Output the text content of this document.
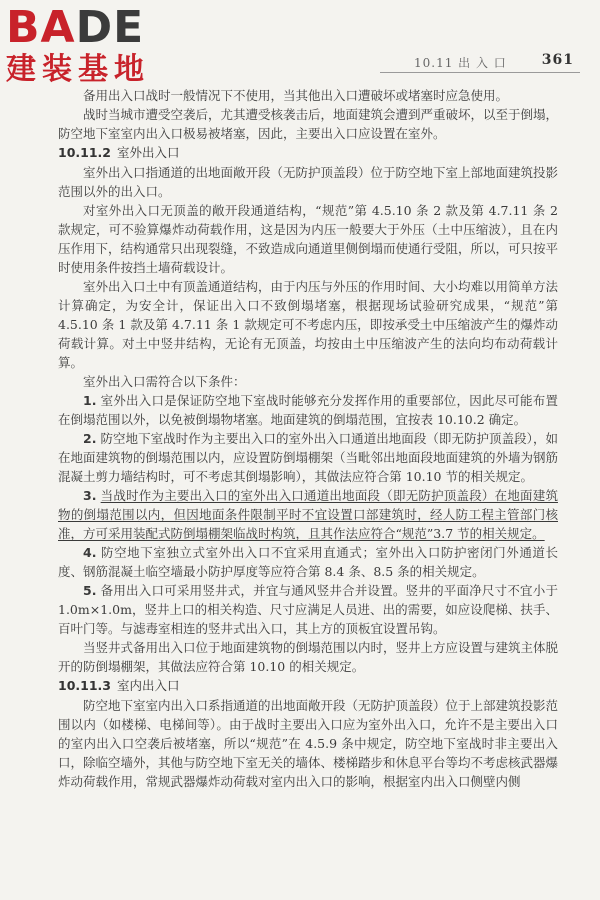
BADE
建装基地	10.11 出 入 口 361

备用出入口战时一般情况下不使用，当其他出入口遭破坏或堵塞时应急使用。

战时当城市遭受空袭后，尤其遭受核袭击后，地面建筑会遭到严重破坏，以至于倒塌，防空地下室室内出入口极易被堵塞，因此，主要出入口应设置在室外。

10.11.2 室外出入口

室外出入口指通道的出地面敞开段（无防护顶盖段）位于防空地下室上部地面建筑投影范围以外的出入口。

对室外出入口无顶盖的敞开段通道结构，“规范”第 4.5.10 条 2 款及第 4.7.11 条 2 款规定，可不验算爆炸动荷载作用，这是因为内压一般要大于外压（土中压缩波），且在内压作用下，结构通常只出现裂缝，不致造成向通道里侧倒塌而使通行受阻，所以，可只按平时使用条件按挡土墙荷载设计。

室外出入口土中有顶盖通道结构，由于内压与外压的作用时间、大小均难以用简单方法计算确定，为安全计，保证出入口不致倒塌堵塞，根据现场试验研究成果，“规范”第 4.5.10 条 1 款及第 4.7.11 条 1 款规定可不考虑内压，即按承受土中压缩波产生的爆炸动荷载计算。对土中竖井结构，无论有无顶盖，均按由土中压缩波产生的法向均布动荷载计算。

室外出入口需符合以下条件：

1. 室外出入口是保证防空地下室战时能够充分发挥作用的重要部位，因此尽可能布置在倒塌范围以外，以免被倒塌物堵塞。地面建筑的倒塌范围，宜按表 10.10.2 确定。

2. 防空地下室战时作为主要出入口的室外出入口通道出地面段（即无防护顶盖段），如在地面建筑物的倒塌范围以内，应设置防倒塌棚架（当毗邻出地面段地面建筑的外墙为钢筋混凝土剪力墙结构时，可不考虑其倒塌影响），其做法应符合第 10.10 节的相关规定。

3. 当战时作为主要出入口的室外出入口通道出地面段（即无防护顶盖段）在地面建筑物的倒塌范围以内，但因地面条件限制平时不宜设置口部建筑时，经人防工程主管部门核准，方可采用装配式防倒塌棚架临战时构筑，且其作法应符合“规范”3.7 节的相关规定。

4. 防空地下室独立式室外出入口不宜采用直通式；室外出入口防护密闭门外通道长度、钢筋混凝土临空墙最小防护厚度等应符合第 8.4 条、8.5 条的相关规定。

5. 备用出入口可采用竖井式，并宜与通风竖井合并设置。竖井的平面净尺寸不宜小于 1.0m×1.0m，竖井上口的相关构造、尺寸应满足人员进、出的需要，如应设爬梯、扶手、百叶门等。与滤毒室相连的竖井式出入口，其上方的顶板宜设置吊钩。

当竖井式备用出入口位于地面建筑物的倒塌范围以内时，竖井上方应设置与建筑主体脱开的防倒塌棚架，其做法应符合第 10.10 的相关规定。

10.11.3 室内出入口

防空地下室室内出入口系指通道的出地面敞开段（无防护顶盖段）位于上部建筑投影范围以内（如楼梯、电梯间等）。由于战时主要出入口应为室外出入口，允许不是主要出入口的室内出入口空袭后被堵塞，所以“规范”在 4.5.9 条中规定，防空地下室战时非主要出入口，除临空墙外，其他与防空地下室无关的墙体、楼梯踏步和休息平台等均不考虑核武器爆炸动荷载作用，常规武器爆炸动荷载对室内出入口的影响，根据室内出入口侧壁内侧
